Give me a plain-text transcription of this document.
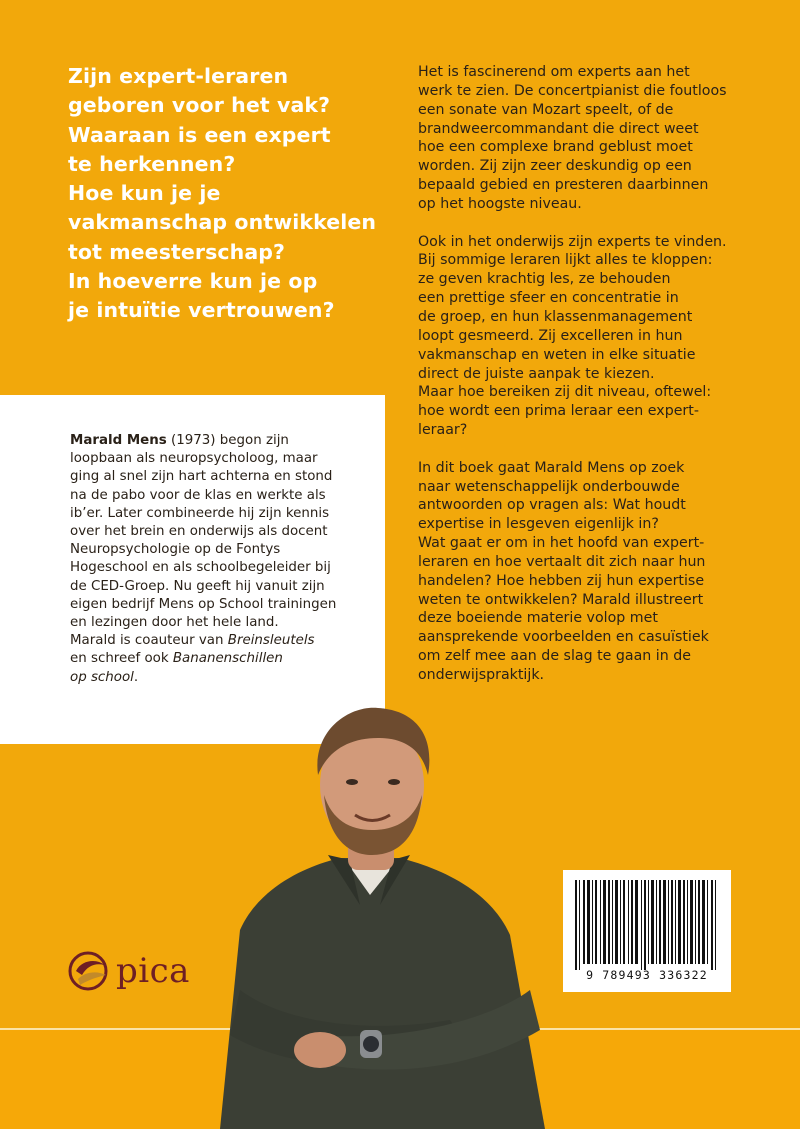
Zijn expert-leraren
geboren voor het vak?
Waaraan is een expert
te herkennen?
Hoe kun je je
vakmanschap ontwikkelen
tot meesterschap?
In hoeverre kun je op
je intuïtie vertrouwen?

Het is fascinerend om experts aan het
werk te zien. De concertpianist die foutloos
een sonate van Mozart speelt, of de
brandweercommandant die direct weet
hoe een complexe brand geblust moet
worden. Zij zijn zeer deskundig op een
bepaald gebied en presteren daarbinnen
op het hoogste niveau.

Ook in het onderwijs zijn experts te vinden.
Bij sommige leraren lijkt alles te kloppen:
ze geven krachtig les, ze behouden
een prettige sfeer en concentratie in
de groep, en hun klassenmanagement
loopt gesmeerd. Zij excelleren in hun
vakmanschap en weten in elke situatie
direct de juiste aanpak te kiezen.
Maar hoe bereiken zij dit niveau, oftewel:
hoe wordt een prima leraar een expert-
leraar?

In dit boek gaat Marald Mens op zoek
naar wetenschappelijk onderbouwde
antwoorden op vragen als: Wat houdt
expertise in lesgeven eigenlijk in?
Wat gaat er om in het hoofd van expert-
leraren en hoe vertaalt dit zich naar hun
handelen? Hoe hebben zij hun expertise
weten te ontwikkelen? Marald illustreert
deze boeiende materie volop met
aansprekende voorbeelden en casuïstiek
om zelf mee aan de slag te gaan in de
onderwijspraktijk.

Marald Mens (1973) begon zijn
loopbaan als neuropsycholoog, maar
ging al snel zijn hart achterna en stond
na de pabo voor de klas en werkte als
ib’er. Later combineerde hij zijn kennis
over het brein en onderwijs als docent
Neuropsychologie op de Fontys
Hogeschool en als schoolbegeleider bij
de CED-Groep. Nu geeft hij vanuit zijn
eigen bedrijf Mens op School trainingen
en lezingen door het hele land.
Marald is coauteur van Breinsleutels
en schreef ook Bananenschillen
op school.
pica	9 789493 336322
